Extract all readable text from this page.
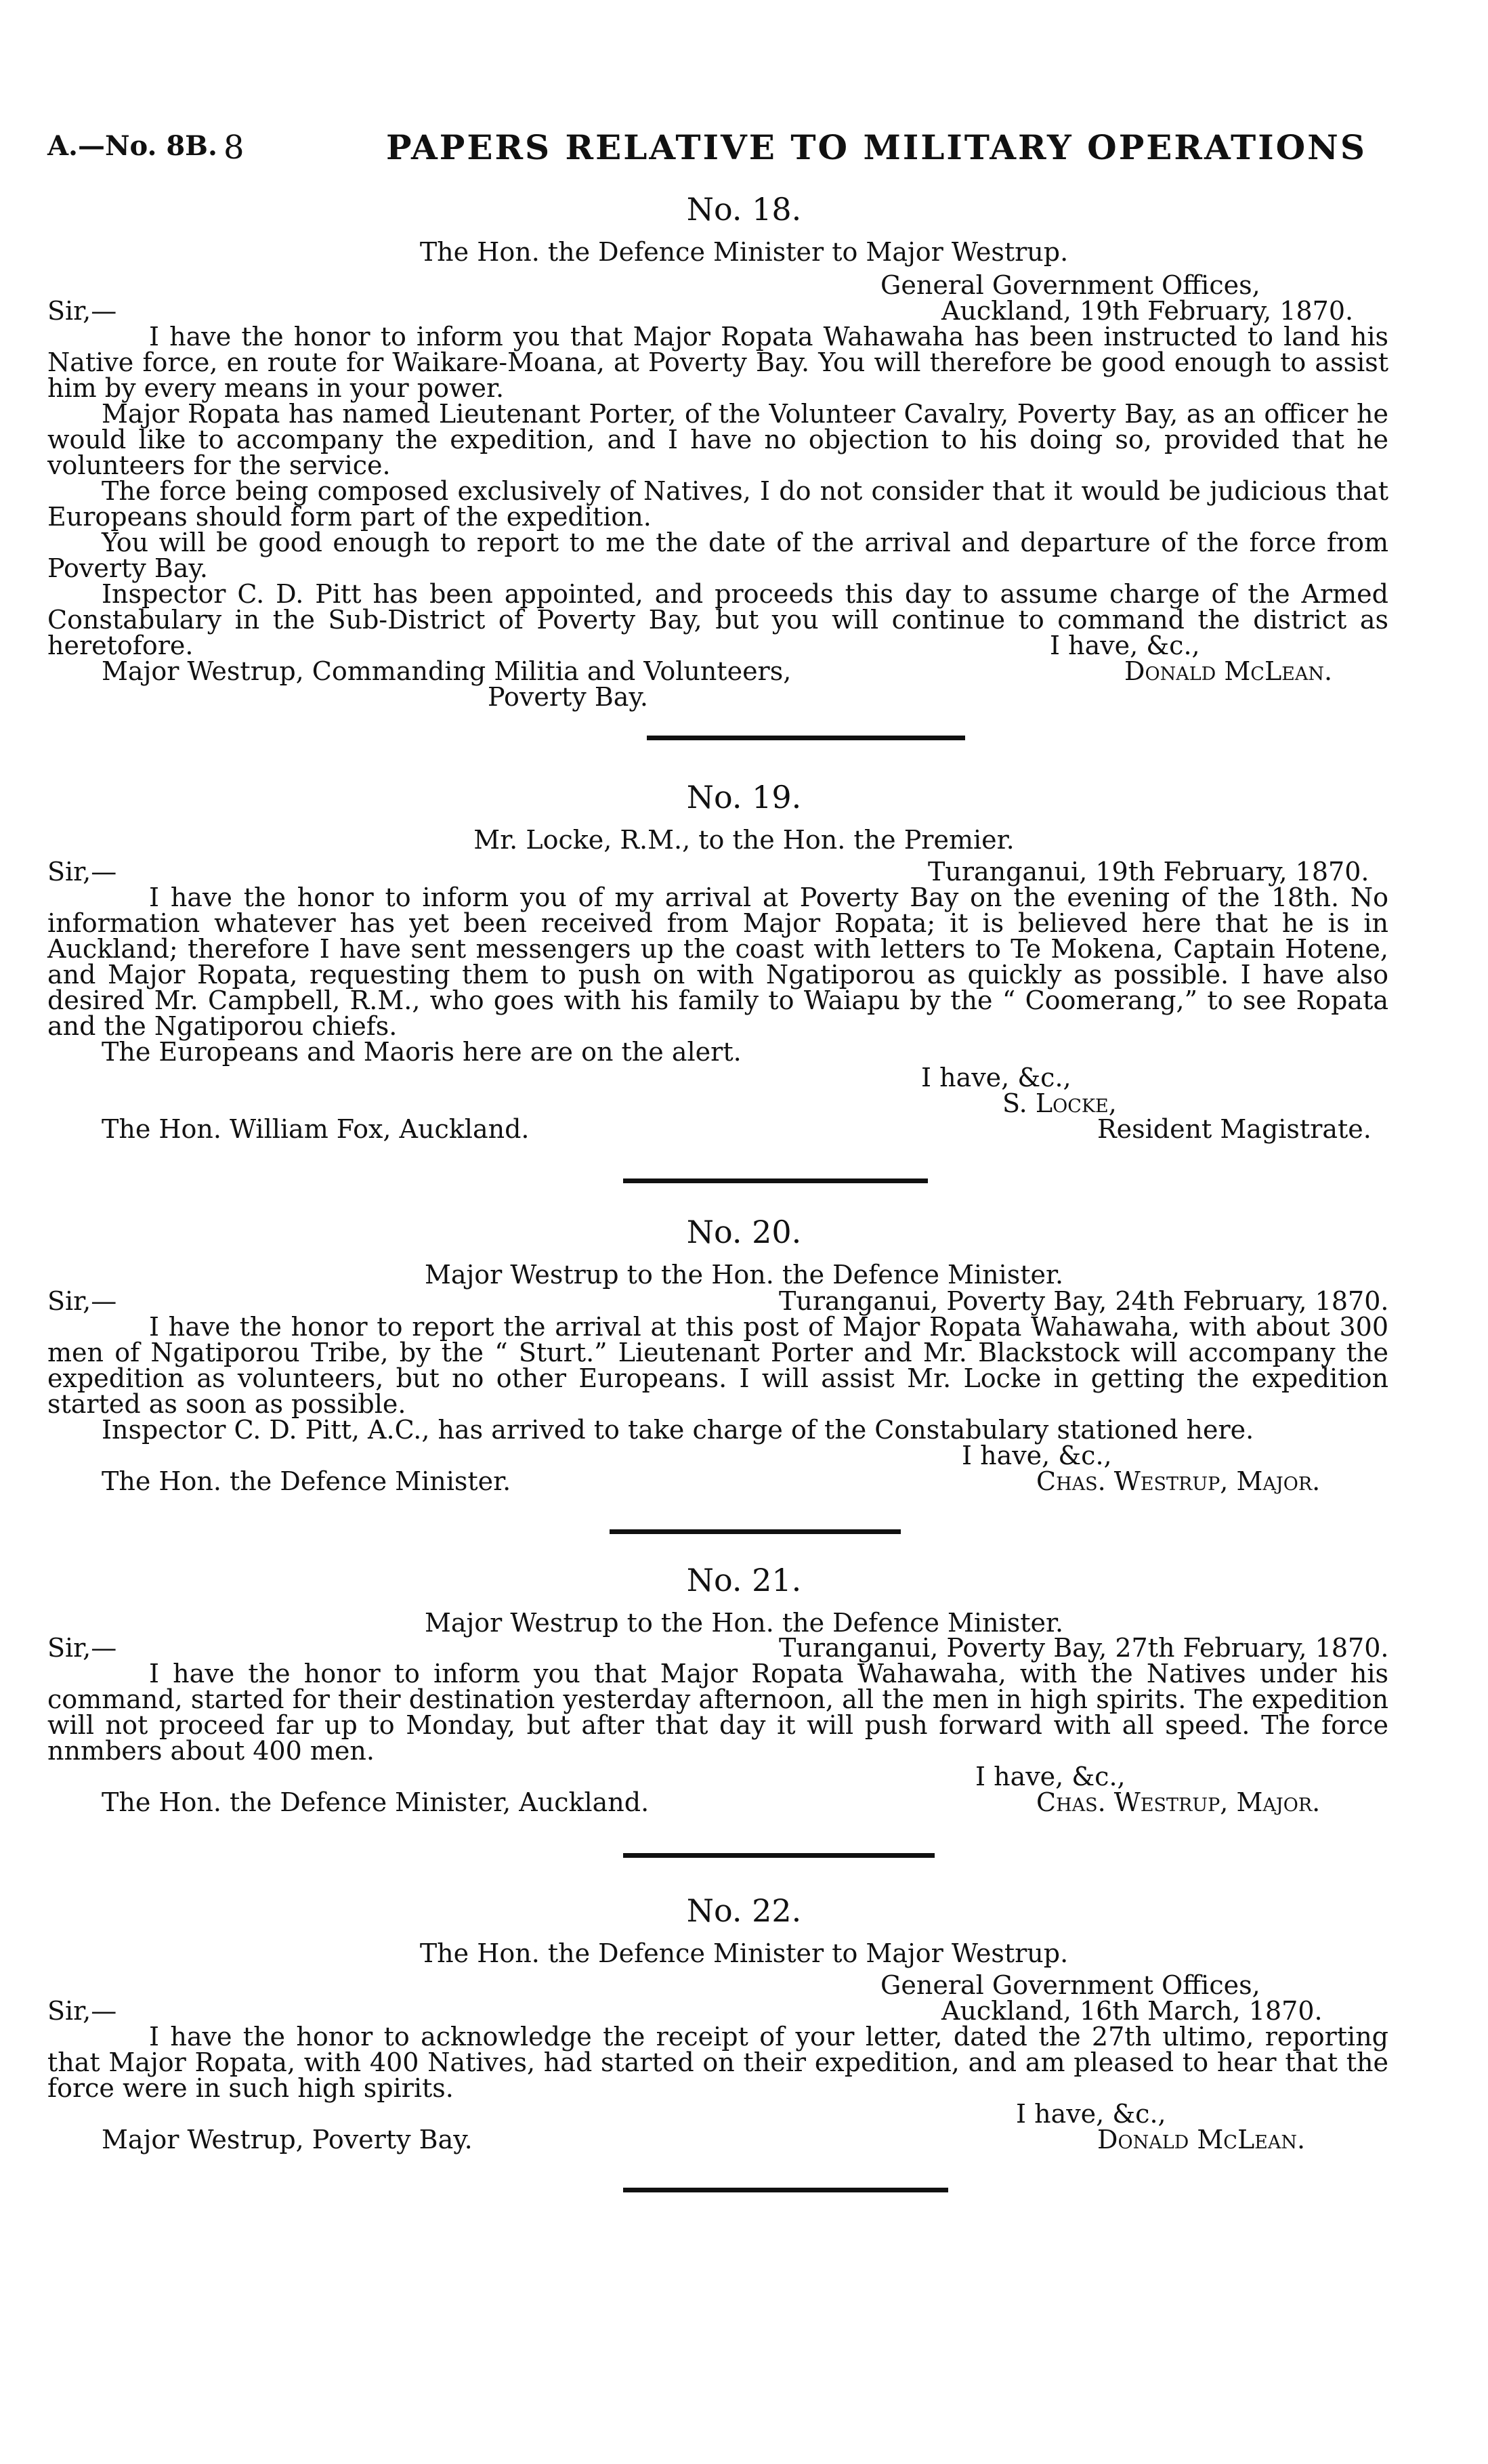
A.—No. 8B. 8	PAPERS RELATIVE TO MILITARY OPERATIONS
No. 18.
The Hon. the Defence Minister to Major Westrup.
General Government Offices,
Sir,—	Auckland, 19th February, 1870.
I have the honor to inform you that Major Ropata Wahawaha has been instructed to land his Native force, en route for Waikare-Moana, at Poverty Bay. You will therefore be good enough to assist him by every means in your power.
Major Ropata has named Lieutenant Porter, of the Volunteer Cavalry, Poverty Bay, as an officer he would like to accompany the expedition, and I have no objection to his doing so, provided that he volunteers for the service.
The force being composed exclusively of Natives, I do not consider that it would be judicious that Europeans should form part of the expedition.
You will be good enough to report to me the date of the arrival and departure of the force from Poverty Bay.
Inspector C. D. Pitt has been appointed, and proceeds this day to assume charge of the Armed Constabulary in the Sub-District of Poverty Bay, but you will continue to command the district as heretofore.	I have, &c.,
Major Westrup, Commanding Militia and Volunteers,	Donald McLean.
Poverty Bay.
No. 19.
Mr. Locke, R.M., to the Hon. the Premier.
Sir,—	Turanganui, 19th February, 1870.
I have the honor to inform you of my arrival at Poverty Bay on the evening of the 18th. No information whatever has yet been received from Major Ropata; it is believed here that he is in Auckland; therefore I have sent messengers up the coast with letters to Te Mokena, Captain Hotene, and Major Ropata, requesting them to push on with Ngatiporou as quickly as possible. I have also desired Mr. Campbell, R.M., who goes with his family to Waiapu by the “ Coomerang,” to see Ropata and the Ngatiporou chiefs.
The Europeans and Maoris here are on the alert.
I have, &c.,
S. Locke,
The Hon. William Fox, Auckland.	Resident Magistrate.
No. 20.
Major Westrup to the Hon. the Defence Minister.
Sir,—	Turanganui, Poverty Bay, 24th February, 1870.
I have the honor to report the arrival at this post of Major Ropata Wahawaha, with about 300 men of Ngatiporou Tribe, by the “ Sturt.” Lieutenant Porter and Mr. Blackstock will accompany the expedition as volunteers, but no other Europeans. I will assist Mr. Locke in getting the expedition started as soon as possible.
Inspector C. D. Pitt, A.C., has arrived to take charge of the Constabulary stationed here.
I have, &c.,
The Hon. the Defence Minister.	Chas. Westrup, Major.
No. 21.
Major Westrup to the Hon. the Defence Minister.
Sir,—	Turanganui, Poverty Bay, 27th February, 1870.
I have the honor to inform you that Major Ropata Wahawaha, with the Natives under his command, started for their destination yesterday afternoon, all the men in high spirits. The expedition will not proceed far up to Monday, but after that day it will push forward with all speed. The force nnmbers about 400 men.
I have, &c.,
The Hon. the Defence Minister, Auckland.	Chas. Westrup, Major.
No. 22.
The Hon. the Defence Minister to Major Westrup.
General Government Offices,
Sir,—	Auckland, 16th March, 1870.
I have the honor to acknowledge the receipt of your letter, dated the 27th ultimo, reporting that Major Ropata, with 400 Natives, had started on their expedition, and am pleased to hear that the force were in such high spirits.
I have, &c.,
Major Westrup, Poverty Bay.	Donald McLean.
